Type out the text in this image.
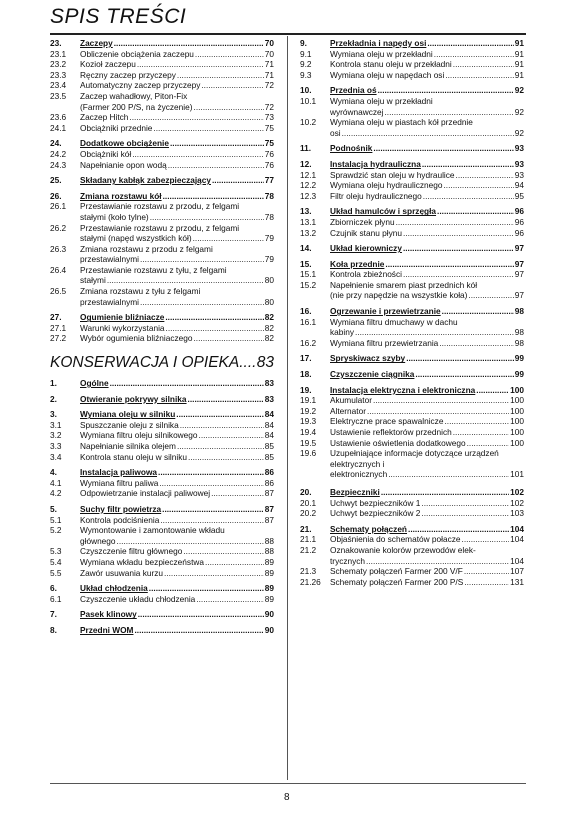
SPIS TREŚCI
23.	Zaczepy .....	70
23.1	Obliczenie obciążenia zaczepu .....	70
23.2	Kozioł zaczepu .....	71
23.3	Ręczny zaczep przyczepy .....	71
23.4	Automatyczny zaczep przyczepy .....	72
23.5	Zaczep wahadłowy, Piton-Fix
(Farmer 200 P/S, na życzenie) .....	72
23.6	Zaczep Hitch .....	73
24.1	Obciążniki przednie .....	75
24.	Dodatkowe obciążenie .....	75
24.2	Obciążniki kół .....	76
24.3	Napełnianie opon wodą .....	76
25.	Składany kabłąk zabezpieczający .....	77
26.	Zmiana rozstawu kół .....	78
26.1	Przestawianie rozstawu z przodu, z felgami
stałymi (koło tylne) .....	78
26.2	Przestawianie rozstawu z przodu, z felgami
stałymi (napęd wszystkich kół) .....	79
26.3	Zmiana rozstawu z przodu z felgami
przestawialnymi .....	79
26.4	Przestawianie rozstawu z tyłu, z felgami
stałymi .....	80
26.5	Zmiana rozstawu z tyłu z felgami
przestawialnymi .....	80
27.	Ogumienie bliźniacze .....	82
27.1	Warunki wykorzystania .....	82
27.2	Wybór ogumienia bliźniaczego .....	82
KONSERWACJA I OPIEKA ..... 83
1.	Ogólne .....	83
2.	Otwieranie pokrywy silnika .....	83
3.	Wymiana oleju w silniku .....	84
3.1	Spuszczanie oleju z silnika .....	84
3.2	Wymiana filtru oleju silnikowego .....	84
3.3	Napełnianie silnika olejem .....	85
3.4	Kontrola stanu oleju w silniku .....	85
4.	Instalacja paliwowa .....	86
4.1	Wymiana filtru paliwa .....	86
4.2	Odpowietrzanie instalacji paliwowej .....	87
5.	Suchy filtr powietrza .....	87
5.1	Kontrola podciśnienia .....	87
5.2	Wymontowanie i zamontowanie wkładu
głównego .....	88
5.3	Czyszczenie filtru głównego .....	88
5.4	Wymiana wkładu bezpieczeństwa .....	89
5.5	Zawór usuwania kurzu .....	89
6.	Układ chłodzenia .....	89
6.1	Czyszczenie układu chłodzenia .....	89
7.	Pasek klinowy .....	90
8.	Przedni WOM .....	90
9.	Przekładnia i napędy osi .....	91
9.1	Wymiana oleju w przekładni .....	91
9.2	Kontrola stanu oleju w przekładni .....	91
9.3	Wymiana oleju w napędach osi .....	91
10.	Przednia oś .....	92
10.1	Wymiana oleju w przekładni
wyrównawczej .....	92
10.2	Wymiana oleju w piastach kół przednie
osi .....	92
11.	Podnośnik .....	93
12.	Instalacja hydrauliczna .....	93
12.1	Sprawdzić stan oleju w hydraulice .....	93
12.2	Wymiana oleju hydraulicznego .....	94
12.3	Filtr oleju hydraulicznego .....	95
13.	Układ hamulców i sprzęgła .....	96
13.1	Zbiorniczek płynu .....	96
13.2	Czujnik stanu płynu .....	96
14.	Układ kierowniczy .....	97
15.	Koła przednie .....	97
15.1	Kontrola zbieżności .....	97
15.2	Napełnienie smarem piast przednich kół
(nie przy napędzie na wszystkie koła) .....	97
16.	Ogrzewanie i przewietrzanie .....	98
16.1	Wymiana filtru dmuchawy w dachu
kabiny .....	98
16.2	Wymiana filtru przewietrzania .....	98
17.	Spryskiwacz szyby .....	99
18.	Czyszczenie ciągnika .....	99
19.	Instalacja elektryczna i elektroniczna .....	100
19.1	Akumulator .....	100
19.2	Alternator .....	100
19.3	Elektryczne prace spawalnicze .....	100
19.4	Ustawienie reflektorów przednich .....	100
19.5	Ustawienie oświetlenia dodatkowego .....	100
19.6	Uzupełniające informacje dotyczące urządzeń elektrycznych i
elektronicznych .....	101
20.	Bezpieczniki .....	102
20.1	Uchwyt bezpieczników 1 .....	102
20.2	Uchwyt bezpieczników 2 .....	103
21.	Schematy połączeń .....	104
21.1	Objaśnienia do schematów połacze .....	104
21.2	Oznakowanie kolorów przewodów elek-
trycznych .....	104
21.3	Schematy połączeń Farmer 200 V/F .....	107
21.26	Schematy połączeń Farmer 200 P/S .....	131
8
